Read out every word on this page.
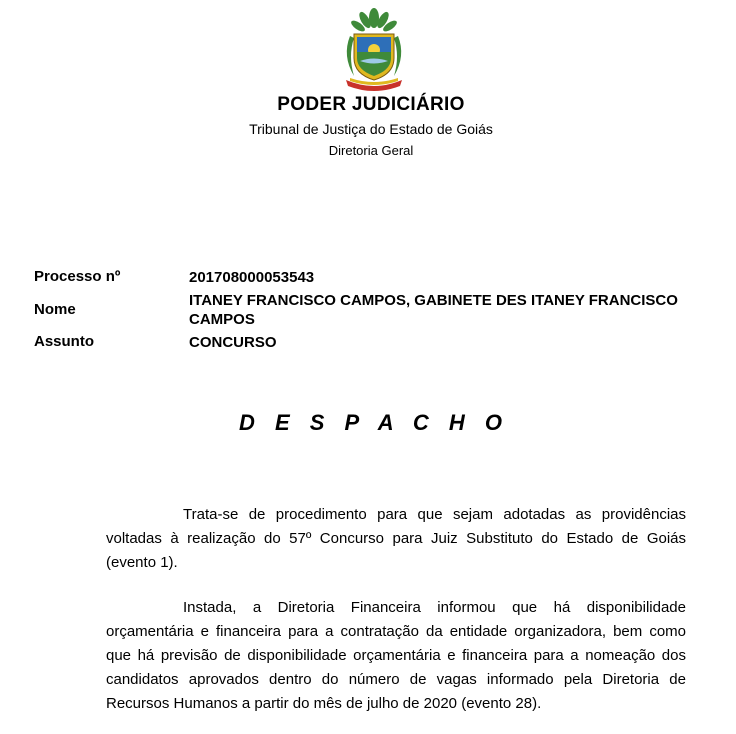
PODER JUDICIÁRIO
Tribunal de Justiça do Estado de Goiás
Diretoria Geral
Processo nº	201708000053543
Nome
ITANEY FRANCISCO CAMPOS, GABINETE DES ITANEY FRANCISCO CAMPOS
Assunto	CONCURSO
D E S P A C H O

Trata-se de procedimento para que sejam adotadas as providências voltadas à realização do 57º Concurso para Juiz Substituto do Estado de Goiás (evento 1).

Instada, a Diretoria Financeira informou que há disponibilidade orçamentária e financeira para a contratação da entidade organizadora, bem como que há previsão de disponibilidade orçamentária e financeira para a nomeação dos candidatos aprovados dentro do número de vagas informado pela Diretoria de Recursos Humanos a partir do mês de julho de 2020 (evento 28).
